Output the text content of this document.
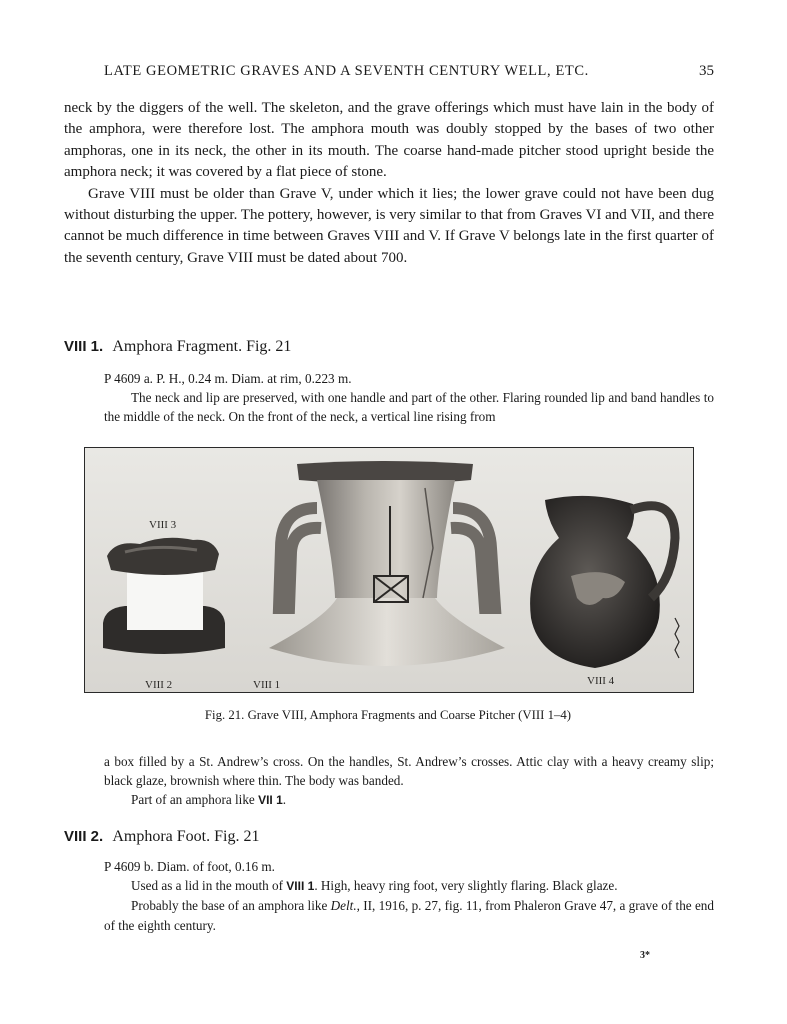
LATE GEOMETRIC GRAVES AND A SEVENTH CENTURY WELL, ETC.	35

neck by the diggers of the well. The skeleton, and the grave offerings which must have lain in the body of the amphora, were therefore lost. The amphora mouth was doubly stopped by the bases of two other amphoras, one in its neck, the other in its mouth. The coarse hand-made pitcher stood upright beside the amphora neck; it was covered by a flat piece of stone.

Grave VIII must be older than Grave V, under which it lies; the lower grave could not have been dug without disturbing the upper. The pottery, however, is very similar to that from Graves VI and VII, and there cannot be much difference in time between Graves VIII and V. If Grave V belongs late in the first quarter of the seventh century, Grave VIII must be dated about 700.

VIII 1. Amphora Fragment. Fig. 21

P 4609 a. P. H., 0.24 m. Diam. at rim, 0.223 m.

The neck and lip are preserved, with one handle and part of the other. Flaring rounded lip and band handles to the middle of the neck. On the front of the neck, a vertical line rising from

VIII 3
VIII 2	VIII 1	VIII 4
Fig. 21. Grave VIII, Amphora Fragments and Coarse Pitcher (VIII 1–4)

a box filled by a St. Andrew’s cross. On the handles, St. Andrew’s crosses. Attic clay with a heavy creamy slip; black glaze, brownish where thin. The body was banded.

Part of an amphora like VII 1.

VIII 2. Amphora Foot. Fig. 21

P 4609 b. Diam. of foot, 0.16 m.

Used as a lid in the mouth of VIII 1. High, heavy ring foot, very slightly flaring. Black glaze.

Probably the base of an amphora like Delt., II, 1916, p. 27, fig. 11, from Phaleron Grave 47, a grave of the end of the eighth century.

3*
